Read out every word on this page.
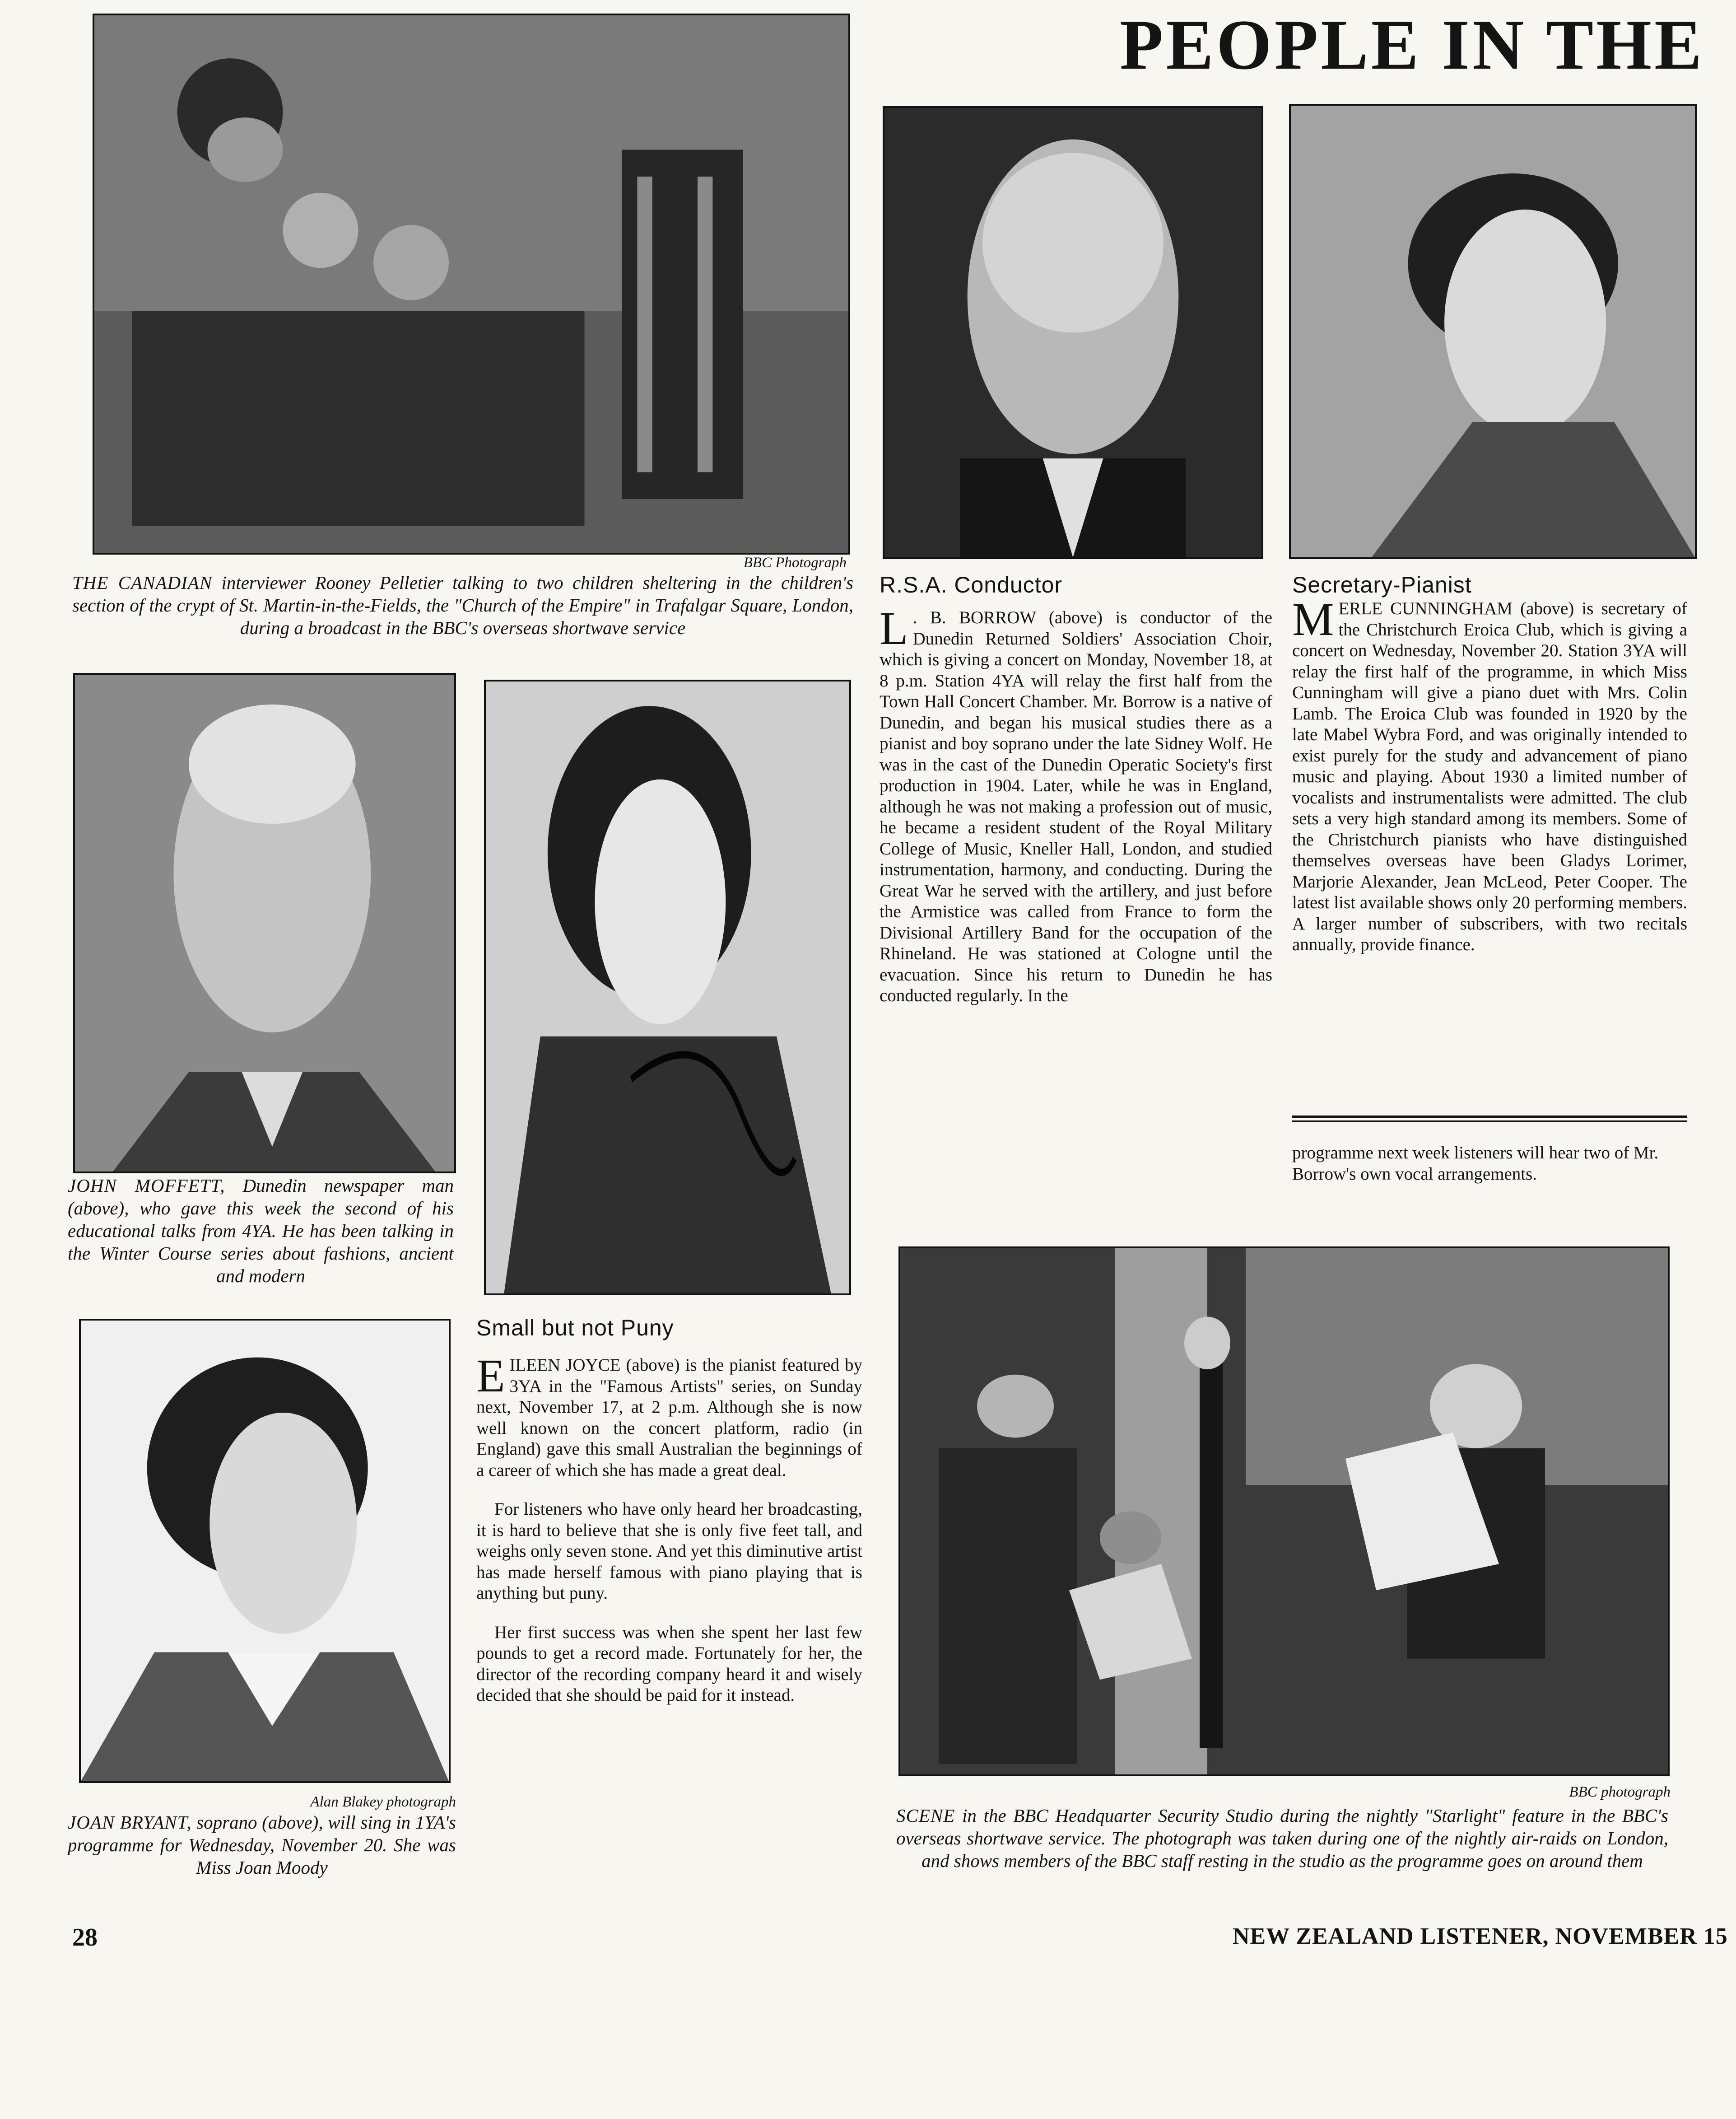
PEOPLE IN THE
BBC Photograph
THE CANADIAN interviewer Rooney Pelletier talking to two children sheltering in the children's section of the crypt of St. Martin-in-the-Fields, the "Church of the Empire" in Trafalgar Square, London, during a broadcast in the BBC's overseas shortwave service
R.S.A. Conductor

L . B. BORROW (above) is conductor of the Dunedin Returned Soldiers' Association Choir, which is giving a concert on Monday, November 18, at 8 p.m. Station 4YA will relay the first half from the Town Hall Concert Chamber. Mr. Borrow is a native of Dunedin, and began his musical studies there as a pianist and boy soprano under the late Sidney Wolf. He was in the cast of the Dunedin Operatic Society's first production in 1904. Later, while he was in England, although he was not making a profession out of music, he became a resident student of the Royal Military College of Music, Kneller Hall, London, and studied instrumentation, harmony, and conducting. During the Great War he served with the artillery, and just before the Armistice was called from France to form the Divisional Artillery Band for the occupation of the Rhineland. He was stationed at Cologne until the evacuation. Since his return to Dunedin he has conducted regularly. In the

Secretary-Pianist

MERLE CUNNINGHAM (above) is secretary of the Christchurch Eroica Club, which is giving a concert on Wednesday, November 20. Station 3YA will relay the first half of the programme, in which Miss Cunningham will give a piano duet with Mrs. Colin Lamb. The Eroica Club was founded in 1920 by the late Mabel Wybra Ford, and was originally intended to exist purely for the study and advancement of piano music and playing. About 1930 a limited number of vocalists and instrumentalists were admitted. The club sets a very high standard among its members. Some of the Christchurch pianists who have distinguished themselves overseas have been Gladys Lorimer, Marjorie Alexander, Jean McLeod, Peter Cooper. The latest list available shows only 20 performing members. A larger number of subscribers, with two recitals annually, provide finance.

programme next week listeners will hear two of Mr. Borrow's own vocal arrangements.

JOHN MOFFETT, Dunedin newspaper man (above), who gave this week the second of his educational talks from 4YA. He has been talking in the Winter Course series about fashions, ancient and modern
Small but not Puny

EILEEN JOYCE (above) is the pianist featured by 3YA in the "Famous Artists" series, on Sunday next, November 17, at 2 p.m. Although she is now well known on the concert platform, radio (in England) gave this small Australian the beginnings of a career of which she has made a great deal.

For listeners who have only heard her broadcasting, it is hard to believe that she is only five feet tall, and weighs only seven stone. And yet this diminutive artist has made herself famous with piano playing that is anything but puny.

Her first success was when she spent her last few pounds to get a record made. Fortunately for her, the director of the recording company heard it and wisely decided that she should be paid for it instead.

Alan Blakey photograph
JOAN BRYANT, soprano (above), will sing in 1YA's programme for Wednesday, November 20. She was Miss Joan Moody
BBC photograph
SCENE in the BBC Headquarter Security Studio during the nightly "Starlight" feature in the BBC's overseas shortwave service. The photograph was taken during one of the nightly air-raids on London, and shows members of the BBC staff resting in the studio as the programme goes on around them
28	NEW ZEALAND LISTENER, NOVEMBER 15
